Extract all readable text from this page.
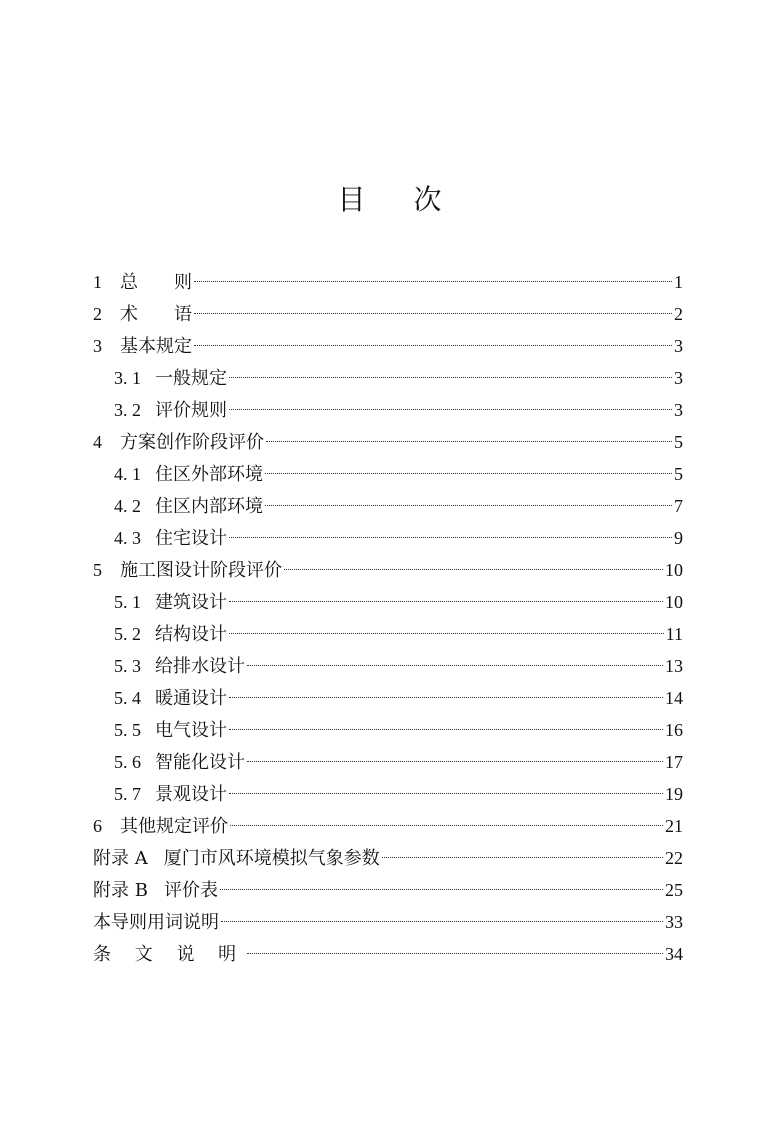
目 次
1 总　　则	1
2 术　　语	2
3 基本规定	3
3. 1 一般规定	3
3. 2 评价规则	3
4 方案创作阶段评价	5
4. 1 住区外部环境	5
4. 2 住区内部环境	7
4. 3 住宅设计	9
5 施工图设计阶段评价	10
5. 1 建筑设计	10
5. 2 结构设计	11
5. 3 给排水设计	13
5. 4 暖通设计	14
5. 5 电气设计	16
5. 6 智能化设计	17
5. 7 景观设计	19
6 其他规定评价	21
附录 A 厦门市风环境模拟气象参数	22
附录 B 评价表	25
本导则用词说明	33
条 文 说 明	34
